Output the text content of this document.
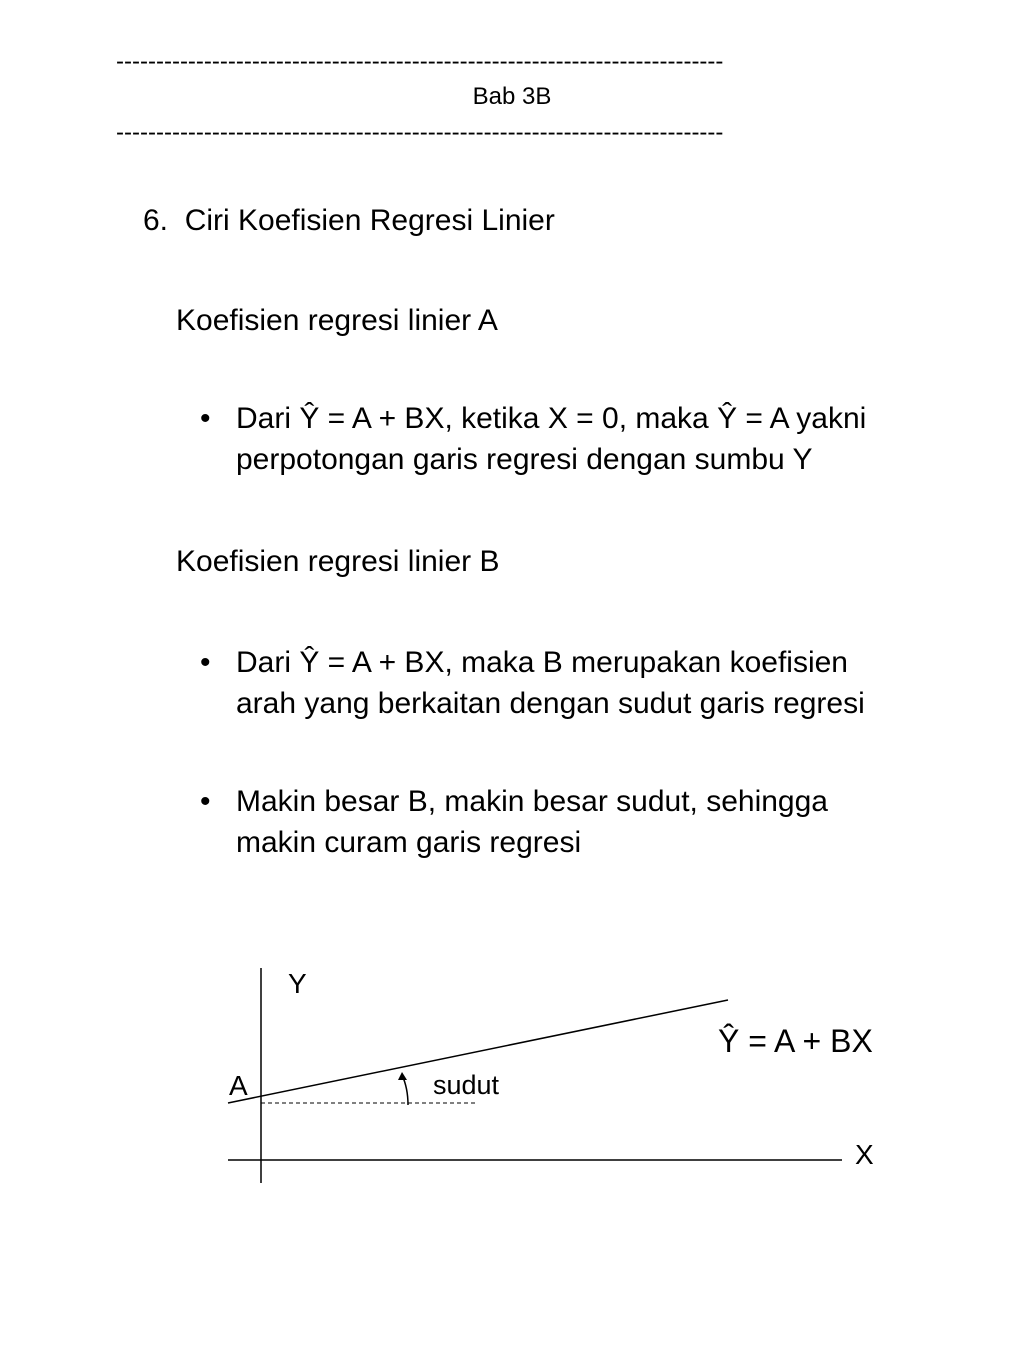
----------------------------------------------------------------------------
Bab 3B
----------------------------------------------------------------------------
6.  Ciri Koefisien Regresi Linier
Koefisien regresi linier A
• Dari Ŷ = A + BX, ketika X = 0, maka Ŷ = A yakni
perpotongan garis regresi dengan sumbu Y
Koefisien regresi linier B
• Dari Ŷ = A + BX, maka B merupakan koefisien
arah yang berkaitan dengan sudut garis regresi
• Makin besar B, makin besar sudut, sehingga
makin curam garis regresi
Y
X
A	sudut
Ŷ = A + BX
